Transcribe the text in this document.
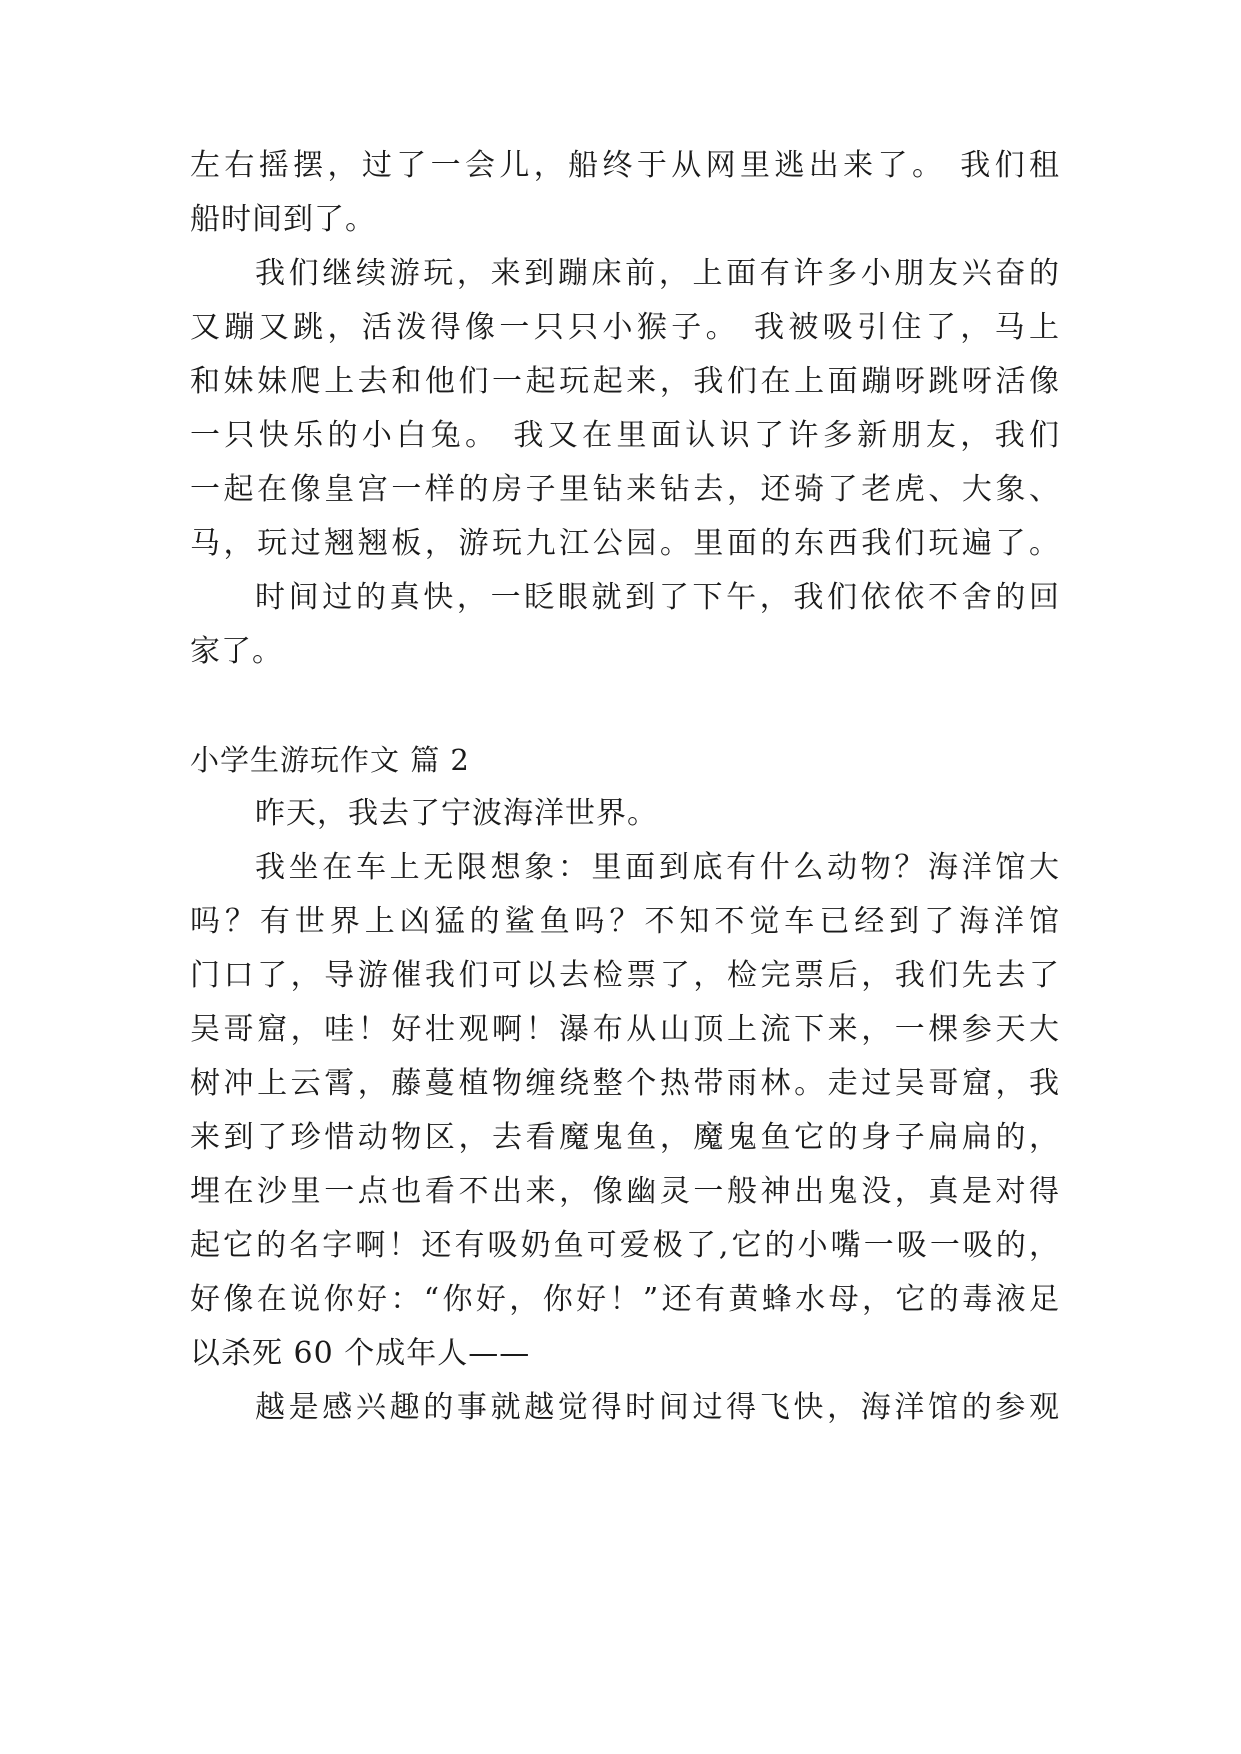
左右摇摆，过了一会儿，船终于从网里逃出来了。 我们租
船时间到了。
我们继续游玩，来到蹦床前，上面有许多小朋友兴奋的
又蹦又跳，活泼得像一只只小猴子。 我被吸引住了，马上
和妹妹爬上去和他们一起玩起来，我们在上面蹦呀跳呀活像
一只快乐的小白兔。 我又在里面认识了许多新朋友，我们
一起在像皇宫一样的房子里钻来钻去，还骑了老虎、大象、
马，玩过翘翘板，游玩九江公园。里面的东西我们玩遍了。
时间过的真快，一眨眼就到了下午，我们依依不舍的回
家了。
小学生游玩作文 篇 2
昨天，我去了宁波海洋世界。
我坐在车上无限想象：里面到底有什么动物？海洋馆大
吗？有世界上凶猛的鲨鱼吗？不知不觉车已经到了海洋馆
门口了，导游催我们可以去检票了，检完票后，我们先去了
吴哥窟，哇！好壮观啊！瀑布从山顶上流下来，一棵参天大
树冲上云霄，藤蔓植物缠绕整个热带雨林。走过吴哥窟，我
来到了珍惜动物区，去看魔鬼鱼，魔鬼鱼它的身子扁扁的，
埋在沙里一点也看不出来，像幽灵一般神出鬼没，真是对得
起它的名字啊！还有吸奶鱼可爱极了,它的小嘴一吸一吸的，
好像在说你好：“你好，你好！”还有黄蜂水母，它的毒液足
以杀死 60 个成年人——
越是感兴趣的事就越觉得时间过得飞快，海洋馆的参观
